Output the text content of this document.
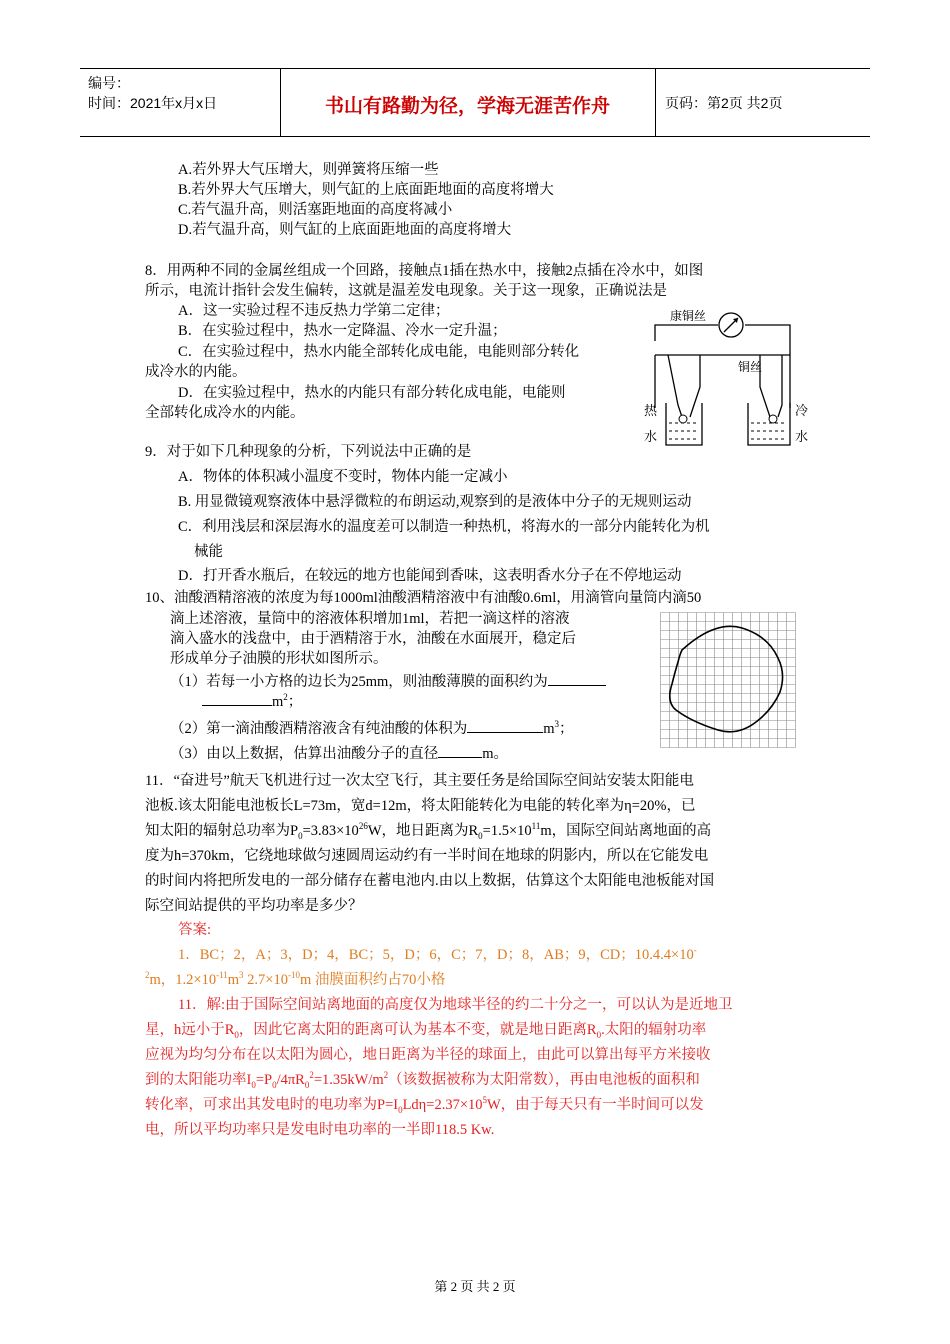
编号：
时间：2021年x月x日	书山有路勤为径，学海无涯苦作舟	页码：第2页 共2页
A.若外界大气压增大，则弹簧将压缩一些
B.若外界大气压增大，则气缸的上底面距地面的高度将增大
C.若气温升高，则活塞距地面的高度将减小
D.若气温升高，则气缸的上底面距地面的高度将增大
8．用两种不同的金属丝组成一个回路，接触点1插在热水中，接触2点插在冷水中，如图
所示，电流计指针会发生偏转，这就是温差发电现象。关于这一现象，正确说法是
A．这一实验过程不违反热力学第二定律；
B．在实验过程中，热水一定降温、冷水一定升温；
C．在实验过程中，热水内能全部转化成电能，电能则部分转化
成冷水的内能。
D．在实验过程中，热水的内能只有部分转化成电能，电能则
全部转化成冷水的内能。
康铜丝
铜丝
热
水
冷
水
9．对于如下几种现象的分析，下列说法中正确的是
A．物体的体积减小温度不变时，物体内能一定减小
B. 用显微镜观察液体中悬浮微粒的布朗运动,观察到的是液体中分子的无规则运动
C．利用浅层和深层海水的温度差可以制造一种热机，将海水的一部分内能转化为机
械能
D．打开香水瓶后，在较远的地方也能闻到香味，这表明香水分子在不停地运动
10、油酸酒精溶液的浓度为每1000ml油酸酒精溶液中有油酸0.6ml，用滴管向量筒内滴50
滴上述溶液，量筒中的溶液体积增加1ml，若把一滴这样的溶液
滴入盛水的浅盘中，由于酒精溶于水，油酸在水面展开，稳定后
形成单分子油膜的形状如图所示。
（1）若每一小方格的边长为25mm，则油酸薄膜的面积约为
$m^2$；
（2）第一滴油酸酒精溶液含有纯油酸的体积为	$m^3$；
（3）由以上数据，估算出油酸分子的直径	m。
11．“奋进号”航天飞机进行过一次太空飞行，其主要任务是给国际空间站安装太阳能电
池板.该太阳能电池板长L=73m，宽d=12m，将太阳能转化为电能的转化率为η=20%，已
知太阳的辐射总功率为$P_0=3.83\times 10^{26}W$，地日距离为$R_0=1.5\times 10^{11}m$，国际空间站离地面的高
度为h=370km，它绕地球做匀速圆周运动约有一半时间在地球的阴影内，所以在它能发电
的时间内将把所发电的一部分储存在蓄电池内.由以上数据，估算这个太阳能电池板能对国
际空间站提供的平均功率是多少？
答案:
1．BC；2，A；3，D；4，BC；5，D；6，C；7，D；8，AB；9，CD；10.4.4×10-
$^2$m，$1.2\times 10^{-11}m^3$ $2.7\times 10^{-10}m$ 油膜面积约占70小格
11．解:由于国际空间站离地面的高度仅为地球半径的约二十分之一，可以认为是近地卫
星，h远小于$R_0$，因此它离太阳的距离可认为基本不变，就是地日距离$R_0$.太阳的辐射功率
应视为均匀分布在以太阳为圆心，地日距离为半径的球面上，由此可以算出每平方米接收
到的太阳能功率$I_0=P_0/4\pi R_0^2=1.35kW/m^2$（该数据被称为太阳常数），再由电池板的面积和
转化率，可求出其发电时的电功率为$P=I_0Ld\eta=2.37\times 10^5W$，由于每天只有一半时间可以发
电，所以平均功率只是发电时电功率的一半即118.5 Kw.
第 2 页 共 2 页
